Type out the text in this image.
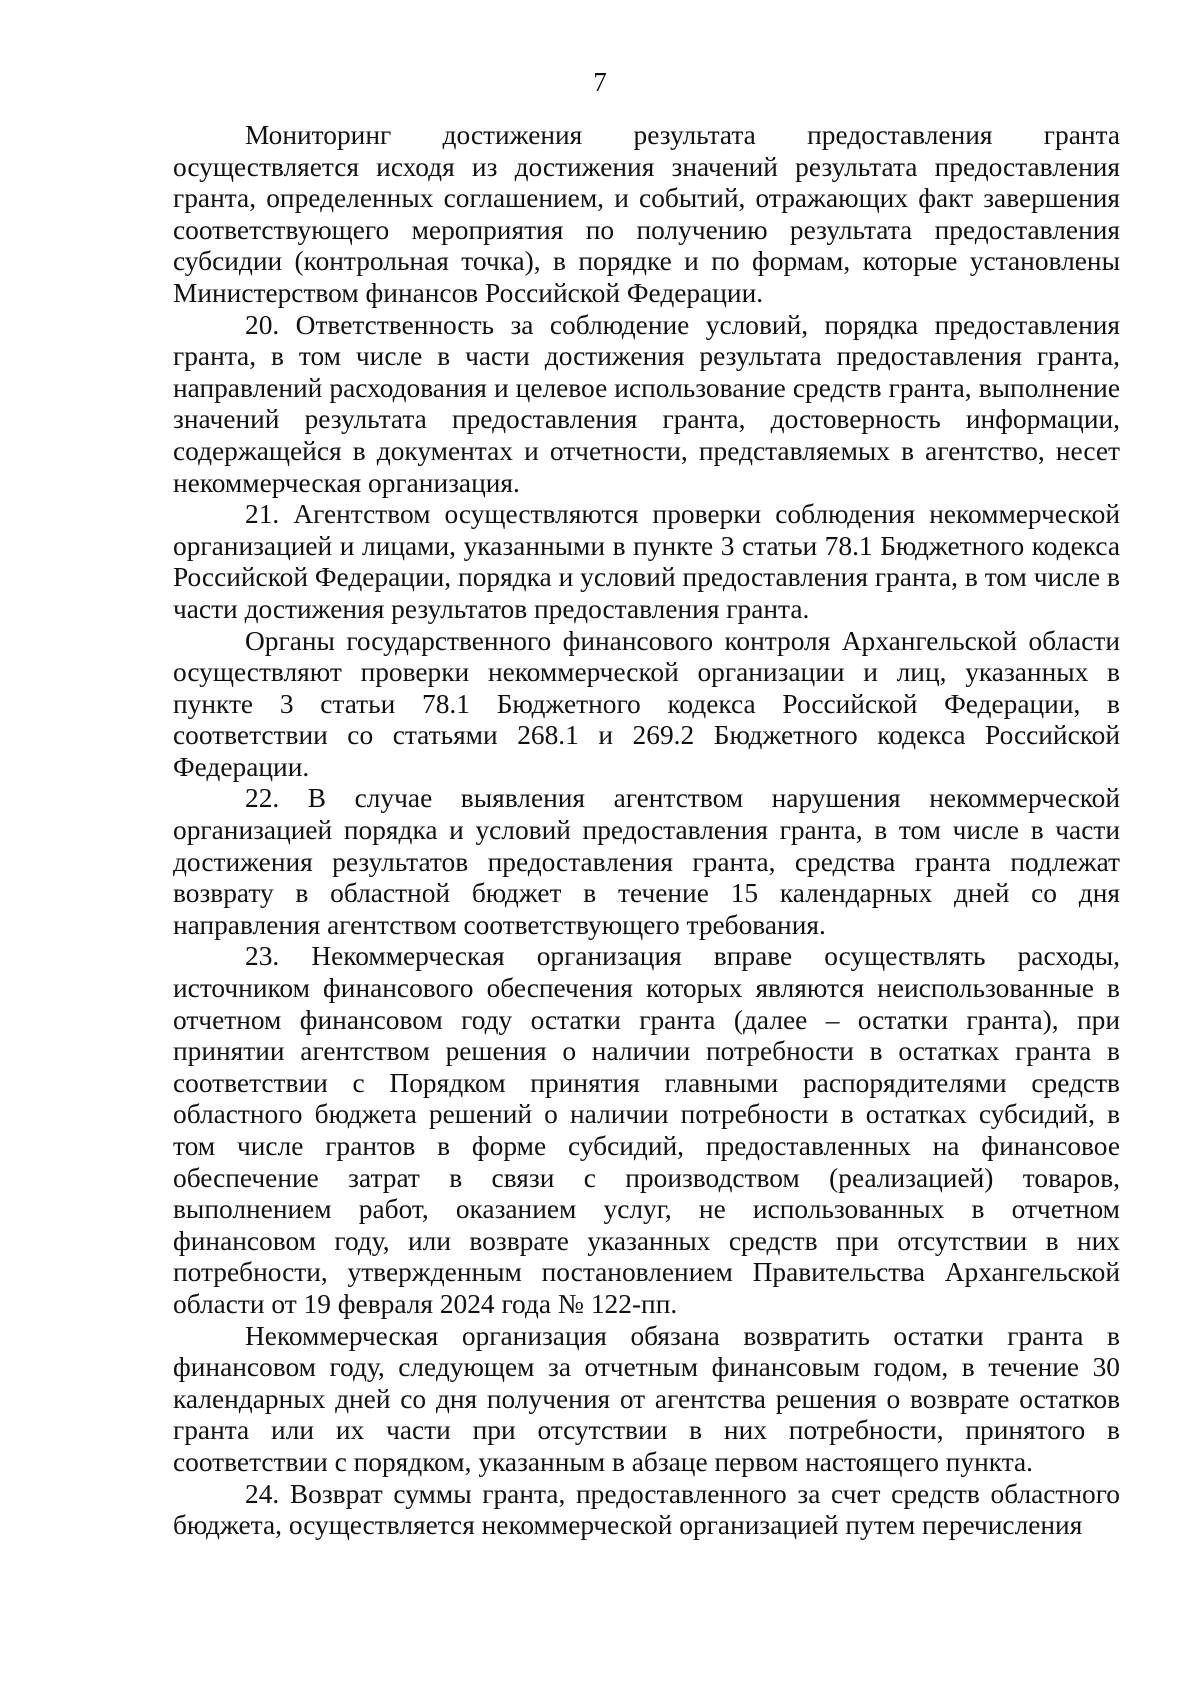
7

Мониторинг достижения результата предоставления гранта осуществляется исходя из достижения значений результата предоставления гранта, определенных соглашением, и событий, отражающих факт завершения соответствующего мероприятия по получению результата предоставления субсидии (контрольная точка), в порядке и по формам, которые установлены Министерством финансов Российской Федерации.

20. Ответственность за соблюдение условий, порядка предоставления гранта, в том числе в части достижения результата предоставления гранта, направлений расходования и целевое использование средств гранта, выполнение значений результата предоставления гранта, достоверность информации, содержащейся в документах и отчетности, представляемых в агентство, несет некоммерческая организация.

21. Агентством осуществляются проверки соблюдения некоммерческой организацией и лицами, указанными в пункте 3 статьи 78.1 Бюджетного кодекса Российской Федерации, порядка и условий предоставления гранта, в том числе в части достижения результатов предоставления гранта.

Органы государственного финансового контроля Архангельской области осуществляют проверки некоммерческой организации и лиц, указанных в пункте 3 статьи 78.1 Бюджетного кодекса Российской Федерации, в соответствии со статьями 268.1 и 269.2 Бюджетного кодекса Российской Федерации.

22. В случае выявления агентством нарушения некоммерческой организацией порядка и условий предоставления гранта, в том числе в части достижения результатов предоставления гранта, средства гранта подлежат возврату в областной бюджет в течение 15 календарных дней со дня направления агентством соответствующего требования.

23. Некоммерческая организация вправе осуществлять расходы, источником финансового обеспечения которых являются неиспользованные в отчетном финансовом году остатки гранта (далее – остатки гранта), при принятии агентством решения о наличии потребности в остатках гранта в соответствии с Порядком принятия главными распорядителями средств областного бюджета решений о наличии потребности в остатках субсидий, в том числе грантов в форме субсидий, предоставленных на финансовое обеспечение затрат в связи с производством (реализацией) товаров, выполнением работ, оказанием услуг, не использованных в отчетном финансовом году, или возврате указанных средств при отсутствии в них потребности, утвержденным постановлением Правительства Архангельской области от 19 февраля 2024 года № 122-пп.

Некоммерческая организация обязана возвратить остатки гранта в финансовом году, следующем за отчетным финансовым годом, в течение 30 календарных дней со дня получения от агентства решения о возврате остатков гранта или их части при отсутствии в них потребности, принятого в соответствии с порядком, указанным в абзаце первом настоящего пункта.

24. Возврат суммы гранта, предоставленного за счет средств областного бюджета, осуществляется некоммерческой организацией путем перечисления
